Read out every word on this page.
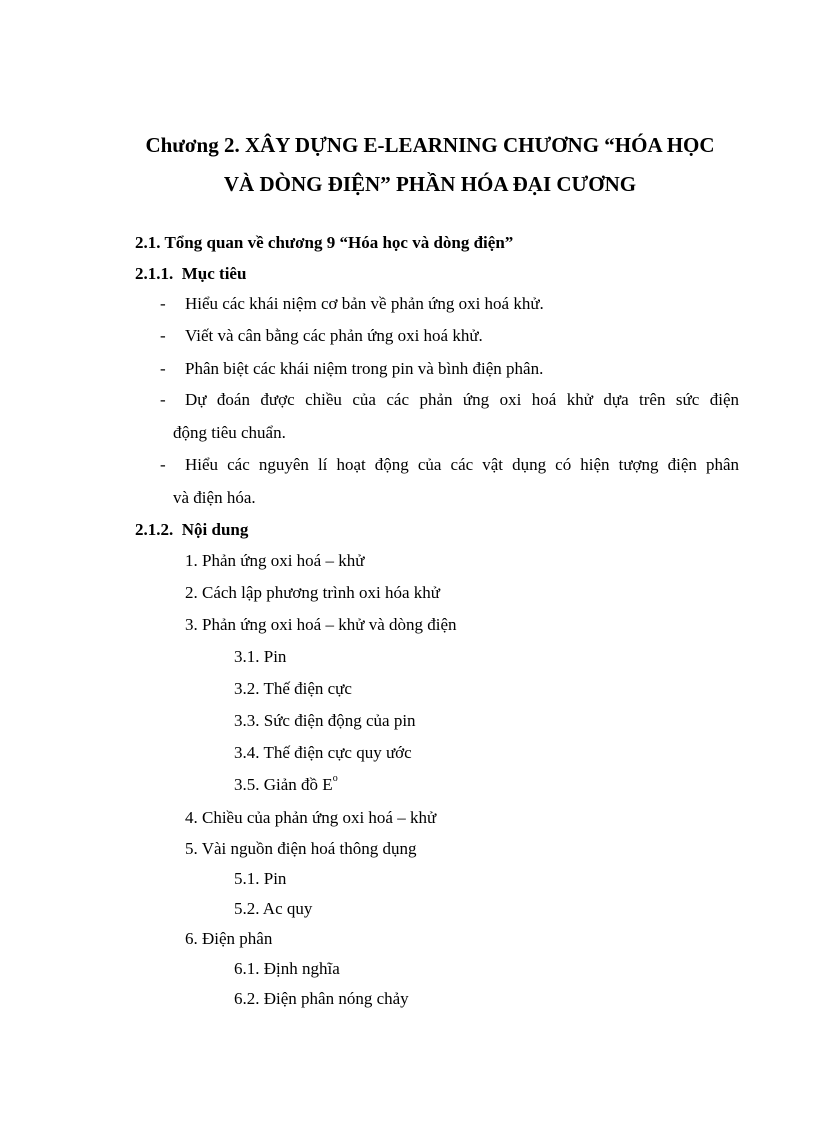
Chương 2. XÂY DỰNG E-LEARNING CHƯƠNG “HÓA HỌC
VÀ DÒNG ĐIỆN” PHẦN HÓA ĐẠI CƯƠNG
2.1. Tổng quan về chương 9 “Hóa học và dòng điện”
2.1.1. Mục tiêu
- Hiểu các khái niệm cơ bản về phản ứng oxi hoá khử.
- Viết và cân bằng các phản ứng oxi hoá khử.
- Phân biệt các khái niệm trong pin và bình điện phân.
- Dự đoán được chiều của các phản ứng oxi hoá khử dựa trên sức điện
động tiêu chuẩn.
- Hiểu các nguyên lí hoạt động của các vật dụng có hiện tượng điện phân
và điện hóa.
2.1.2. Nội dung
1. Phản ứng oxi hoá – khử
2. Cách lập phương trình oxi hóa khử
3. Phản ứng oxi hoá – khử và dòng điện
3.1. Pin
3.2. Thế điện cực
3.3. Sức điện động của pin
3.4. Thế điện cực quy ước
3.5. Giản đồ $E^o$
4. Chiều của phản ứng oxi hoá – khử
5. Vài nguồn điện hoá thông dụng
5.1. Pin
5.2. Ac quy
6. Điện phân
6.1. Định nghĩa
6.2. Điện phân nóng chảy
